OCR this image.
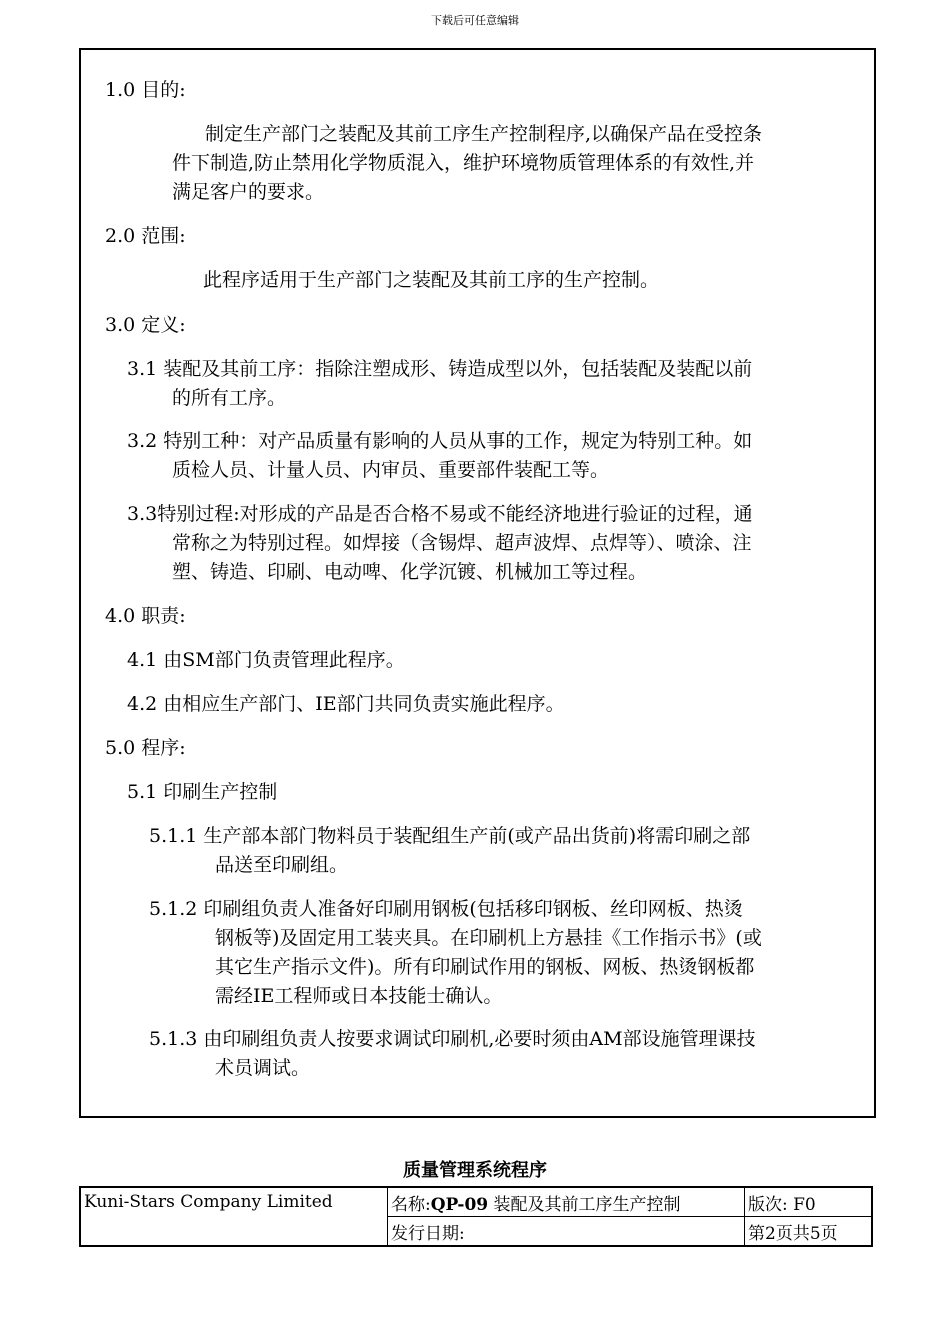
下载后可任意编辑
1.0 目的:
制定生产部门之装配及其前工序生产控制程序,以确保产品在受控条
件下制造,防止禁用化学物质混入，维护环境物质管理体系的有效性,并
满足客户的要求。
2.0 范围:
此程序适用于生产部门之装配及其前工序的生产控制。
3.0 定义:
3.1 装配及其前工序：指除注塑成形、铸造成型以外，包括装配及装配以前
的所有工序。
3.2 特别工种：对产品质量有影响的人员从事的工作，规定为特别工种。如
质检人员、计量人员、内审员、重要部件装配工等。
3.3特别过程:对形成的产品是否合格不易或不能经济地进行验证的过程，通
常称之为特别过程。如焊接（含锡焊、超声波焊、点焊等）、喷涂、注
塑、铸造、印刷、电动啤、化学沉镀、机械加工等过程。
4.0 职责:
4.1 由SM部门负责管理此程序。
4.2 由相应生产部门、IE部门共同负责实施此程序。
5.0 程序:
5.1 印刷生产控制
5.1.1 生产部本部门物料员于装配组生产前(或产品出货前)将需印刷之部
品送至印刷组。
5.1.2 印刷组负责人准备好印刷用钢板(包括移印钢板、丝印网板、热烫
钢板等)及固定用工装夹具。在印刷机上方悬挂《工作指示书》(或
其它生产指示文件)。所有印刷试作用的钢板、网板、热烫钢板都
需经IE工程师或日本技能士确认。
5.1.3 由印刷组负责人按要求调试印刷机,必要时须由AM部设施管理课技
术员调试。
质量管理系统程序
Kuni-Stars Company Limited	名称:QP-09 装配及其前工序生产控制	版次: F0
	发行日期:	第2页共5页
